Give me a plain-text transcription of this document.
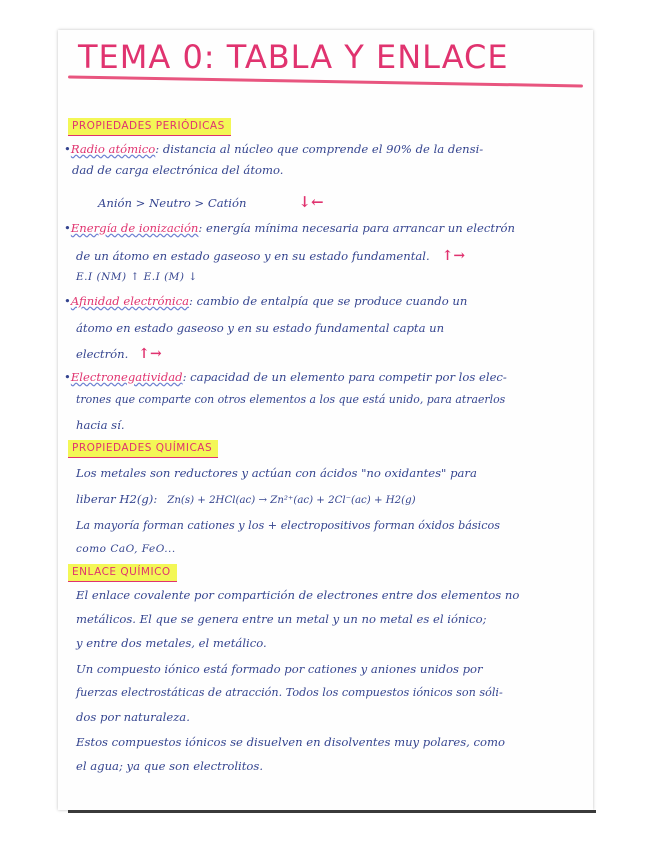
TEMA 0: TABLA Y ENLACE
PROPIEDADES PERIÓDICAS
•Radio atómico: distancia al núcleo que comprende el 90% de la densi-
dad de carga electrónica del átomo.
Anión > Neutro > Catión	↓←
•Energía de ionización: energía mínima necesaria para arrancar un electrón
de un átomo en estado gaseoso y en su estado fundamental. ↑→
E.I (NM) ↑ E.I (M) ↓
•Afinidad electrónica: cambio de entalpía que se produce cuando un
átomo en estado gaseoso y en su estado fundamental capta un
electrón. ↑→
•Electronegatividad: capacidad de un elemento para competir por los elec-
trones que comparte con otros elementos a los que está unido, para atraerlos
hacia sí.
PROPIEDADES QUÍMICAS
Los metales son reductores y actúan con ácidos "no oxidantes" para
liberar H2(g): Zn(s) + 2HCl(ac) → Zn²⁺(ac) + 2Cl⁻(ac) + H2(g)
La mayoría forman cationes y los + electropositivos forman óxidos básicos
como CaO, FeO...
ENLACE QUÍMICO
El enlace covalente por compartición de electrones entre dos elementos no
metálicos. El que se genera entre un metal y un no metal es el iónico;
y entre dos metales, el metálico.
Un compuesto iónico está formado por cationes y aniones unidos por
fuerzas electrostáticas de atracción. Todos los compuestos iónicos son sóli-
dos por naturaleza.
Estos compuestos iónicos se disuelven en disolventes muy polares, como
el agua; ya que son electrolitos.
